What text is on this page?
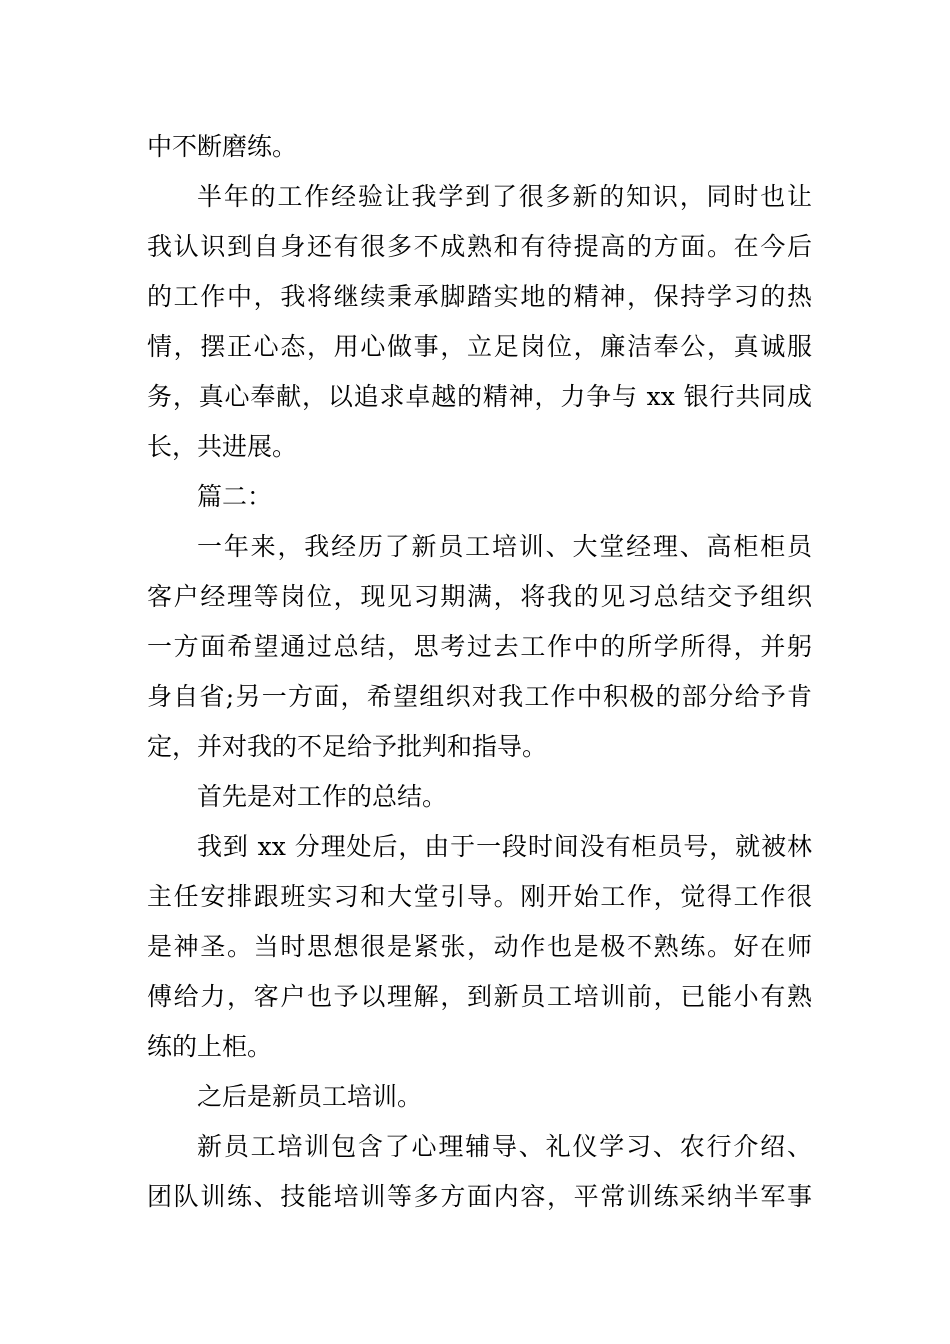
中不断磨练。
半年的工作经验让我学到了很多新的知识，同时也让
我认识到自身还有很多不成熟和有待提高的方面。在今后
的工作中，我将继续秉承脚踏实地的精神，保持学习的热
情，摆正心态，用心做事，立足岗位，廉洁奉公，真诚服
务，真心奉献，以追求卓越的精神，力争与 xx 银行共同成
长，共进展。
篇二：
一年来，我经历了新员工培训、大堂经理、高柜柜员
客户经理等岗位，现见习期满，将我的见习总结交予组织
一方面希望通过总结，思考过去工作中的所学所得，并躬
身自省;另一方面，希望组织对我工作中积极的部分给予肯
定，并对我的不足给予批判和指导。
首先是对工作的总结。
我到 xx 分理处后，由于一段时间没有柜员号，就被林
主任安排跟班实习和大堂引导。刚开始工作，觉得工作很
是神圣。当时思想很是紧张，动作也是极不熟练。好在师
傅给力，客户也予以理解，到新员工培训前，已能小有熟
练的上柜。
之后是新员工培训。
新员工培训包含了心理辅导、礼仪学习、农行介绍、
团队训练、技能培训等多方面内容，平常训练采纳半军事
